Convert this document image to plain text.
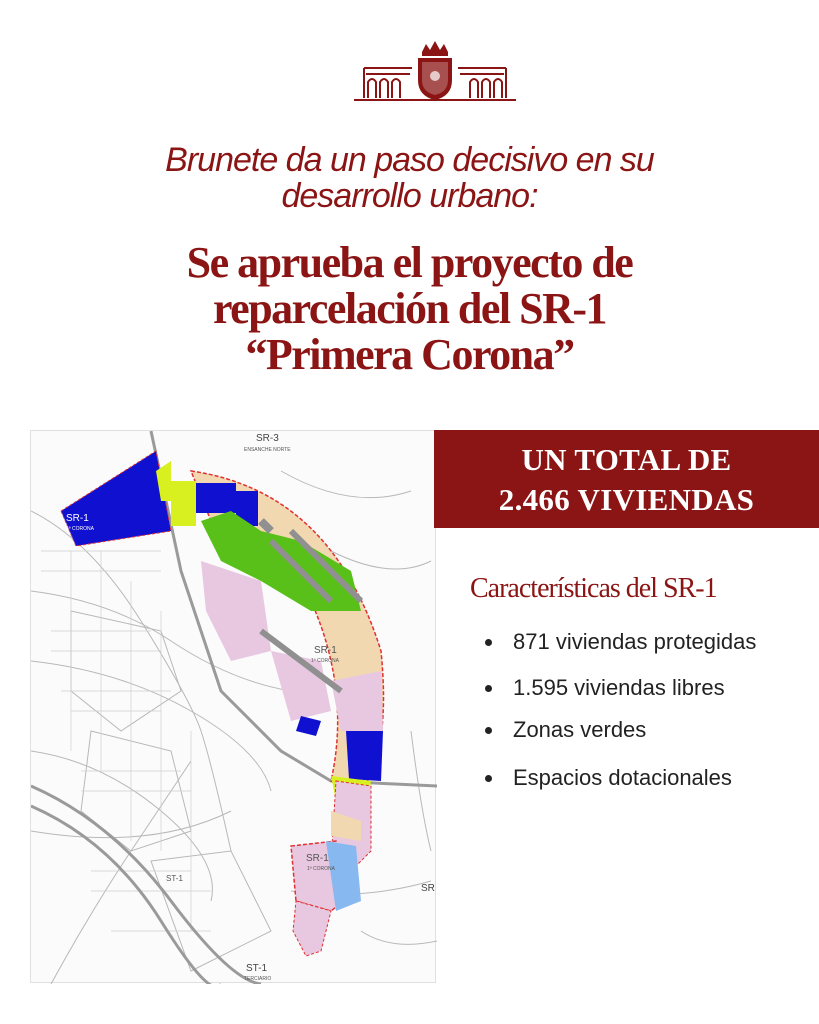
Brunete da un paso decisivo en su
desarrollo urbano:
Se aprueba el proyecto de
reparcelación del SR-1
“Primera Corona”
SR-3
ENSANCHE NORTE
SR-1
1ª CORONA
SR-1
1ª CORONA
SR-1
1ª CORONA
ST-1
TERCIARIO
ST-1
SR
UN TOTAL DE
2.466 VIVIENDAS
Características del SR-1
871 viviendas protegidas
1.595 viviendas libres
Zonas verdes
Espacios dotacionales
